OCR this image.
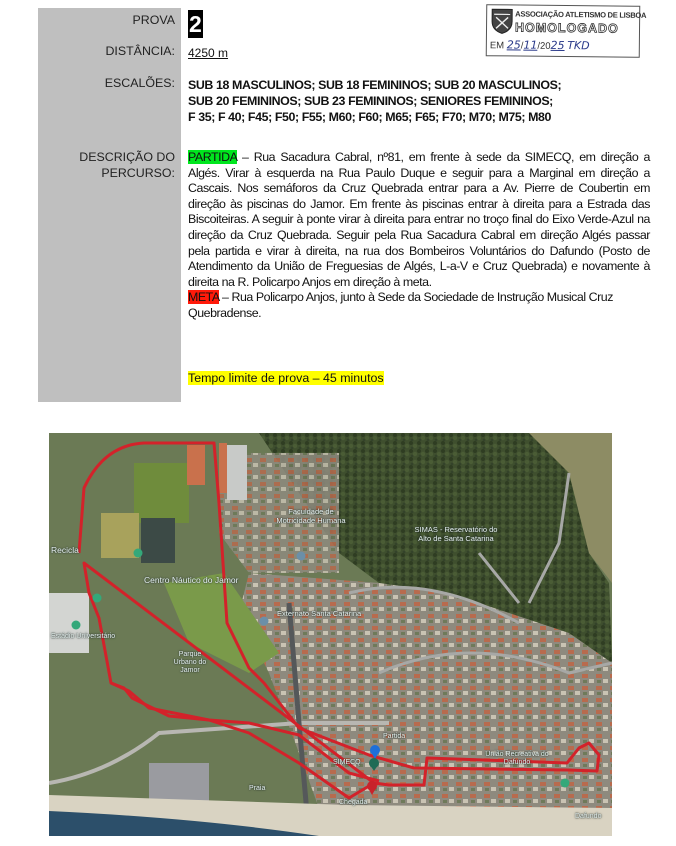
PROVA
DISTÂNCIA:
ESCALÕES:
DESCRIÇÃO DO
PERCURSO:
2
4250 m
SUB 18 MASCULINOS; SUB 18 FEMININOS; SUB 20 MASCULINOS;
SUB 20 FEMININOS; SUB 23 FEMININOS; SENIORES FEMININOS;
F 35; F 40; F45; F50; F55; M60; F60; M65; F65; F70; M70; M75; M80

PARTIDA – Rua Sacadura Cabral, nº81, em frente à sede da SIMECQ, em direção a Algés. Virar à esquerda na Rua Paulo Duque e seguir para a Marginal em direção a Cascais. Nos semáforos da Cruz Quebrada entrar para a Av. Pierre de Coubertin em direção às piscinas do Jamor. Em frente às piscinas entrar à direita para a Estrada das Biscoiteiras. A seguir à ponte virar à direita para entrar no troço final do Eixo Verde-Azul na direção da Cruz Quebrada. Seguir pela Rua Sacadura Cabral em direção Algés passar pela partida e virar à direita, na rua dos Bombeiros Voluntários do Dafundo (Posto de Atendimento da União de Freguesias de Algés, L-a-V e Cruz Quebrada) e novamente à direita na R. Policarpo Anjos em direção à meta.

META – Rua Policarpo Anjos, junto à Sede da Sociedade de Instrução Musical Cruz Quebradense.

Tempo limite de prova – 45 minutos
ASSOCIAÇÃO ATLETISMO DE LISBOA
HOMOLOGADO
EM 25/11/2025 TKD
Recicla
Centro Náutico do Jamor
Estádio Universitário
Faculdade de Motricidade Humana
Externato Santa Catarina
SIMAS - Reservatório do Alto de Santa Catarina
Parque Urbano do Jamor
Partida
SIMECQ
Chegada
União Recreativa do Dafundo
Dafundo
Praia
